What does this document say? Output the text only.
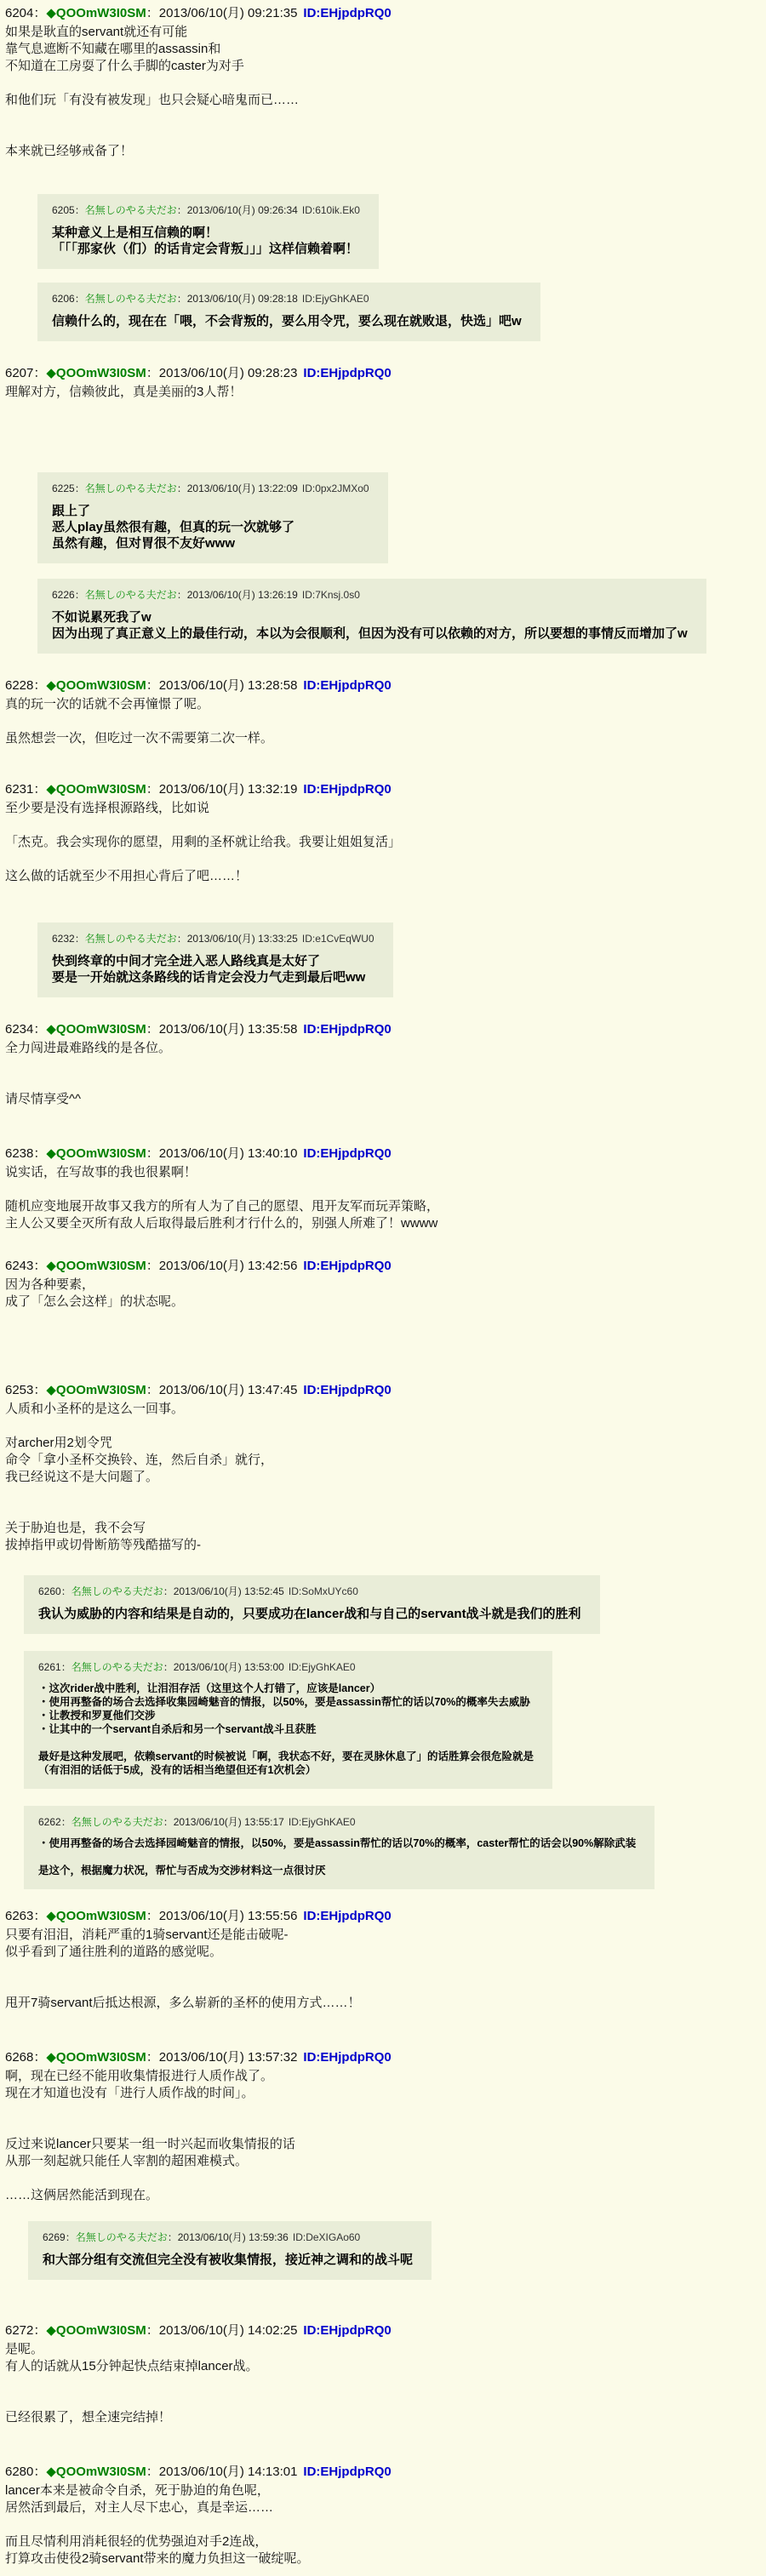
6204：◆QOOmW3I0SM：2013/06/10(月) 09:21:35 ID:EHjpdpRQ0
如果是耿直的servant就还有可能
靠气息遮断不知藏在哪里的assassin和
不知道在工房耍了什么手脚的caster为对手
和他们玩「有没有被发现」也只会疑心暗鬼而已……
本来就已经够戒备了！
6205：名無しのやる夫だお：2013/06/10(月) 09:26:34 ID:610ik.Ek0
某种意义上是相互信赖的啊！
「「「那家伙（们）的话肯定会背叛」」」这样信赖着啊！
6206：名無しのやる夫だお：2013/06/10(月) 09:28:18 ID:EjyGhKAE0
信赖什么的，现在在「喂，不会背叛的，要么用令咒，要么现在就败退，快选」吧w
6207：◆QOOmW3I0SM：2013/06/10(月) 09:28:23 ID:EHjpdpRQ0
理解对方，信赖彼此，真是美丽的3人帮！
6225：名無しのやる夫だお：2013/06/10(月) 13:22:09 ID:0px2JMXo0
跟上了
恶人play虽然很有趣，但真的玩一次就够了
虽然有趣，但对胃很不友好www
6226：名無しのやる夫だお：2013/06/10(月) 13:26:19 ID:7Knsj.0s0
不如说累死我了w
因为出现了真正意义上的最佳行动，本以为会很顺利，但因为没有可以依赖的对方，所以要想的事情反而增加了w
6228：◆QOOmW3I0SM：2013/06/10(月) 13:28:58 ID:EHjpdpRQ0
真的玩一次的话就不会再憧憬了呢。
虽然想尝一次，但吃过一次不需要第二次一样。
6231：◆QOOmW3I0SM：2013/06/10(月) 13:32:19 ID:EHjpdpRQ0
至少要是没有选择根源路线，比如说
「杰克。我会实现你的愿望，用剩的圣杯就让给我。我要让姐姐复活」
这么做的话就至少不用担心背后了吧……！
6232：名無しのやる夫だお：2013/06/10(月) 13:33:25 ID:e1CvEqWU0
快到终章的中间才完全进入恶人路线真是太好了
要是一开始就这条路线的话肯定会没力气走到最后吧ww
6234：◆QOOmW3I0SM：2013/06/10(月) 13:35:58 ID:EHjpdpRQ0
全力闯进最难路线的是各位。
请尽情享受^^
6238：◆QOOmW3I0SM：2013/06/10(月) 13:40:10 ID:EHjpdpRQ0
说实话，在写故事的我也很累啊！
随机应变地展开故事又我方的所有人为了自己的愿望、甩开友军而玩弄策略，
主人公又要全灭所有敌人后取得最后胜利才行什么的，别强人所难了！wwww
6243：◆QOOmW3I0SM：2013/06/10(月) 13:42:56 ID:EHjpdpRQ0
因为各种要素，
成了「怎么会这样」的状态呢。
6253：◆QOOmW3I0SM：2013/06/10(月) 13:47:45 ID:EHjpdpRQ0
人质和小圣杯的是这么一回事。
对archer用2划令咒
命令「拿小圣杯交换铃、连，然后自杀」就行，
我已经说这不是大问题了。
关于胁迫也是，我不会写
拔掉指甲或切骨断筋等残酷描写的-
6260：名無しのやる夫だお：2013/06/10(月) 13:52:45 ID:SoMxUYc60
我认为威胁的内容和结果是自动的，只要成功在lancer战和与自己的servant战斗就是我们的胜利
6261：名無しのやる夫だお：2013/06/10(月) 13:53:00 ID:EjyGhKAE0
・这次rider战中胜利，让泪泪存活（这里这个人打错了，应该是lancer）
・使用再整备的场合去选择收集园崎魅音的情报，以50%，要是assassin帮忙的话以70%的概率失去威胁
・让教授和罗夏他们交涉
・让其中的一个servant自杀后和另一个servant战斗且获胜
最好是这种发展吧，依赖servant的时候被说「啊，我状态不好，要在灵脉休息了」的话胜算会很危险就是
（有泪泪的话低于5成，没有的话相当绝望但还有1次机会）
6262：名無しのやる夫だお：2013/06/10(月) 13:55:17 ID:EjyGhKAE0
・使用再整备的场合去选择园崎魅音的情报，以50%，要是assassin帮忙的话以70%的概率，caster帮忙的话会以90%解除武装
是这个，根据魔力状况，帮忙与否成为交涉材料这一点很讨厌
6263：◆QOOmW3I0SM：2013/06/10(月) 13:55:56 ID:EHjpdpRQ0
只要有泪泪，消耗严重的1骑servant还是能击破呢-
似乎看到了通往胜利的道路的感觉呢。
甩开7骑servant后抵达根源，多么崭新的圣杯的使用方式……！
6268：◆QOOmW3I0SM：2013/06/10(月) 13:57:32 ID:EHjpdpRQ0
啊，现在已经不能用收集情报进行人质作战了。
现在才知道也没有「进行人质作战的时间」。
反过来说lancer只要某一组一时兴起而收集情报的话
从那一刻起就只能任人宰割的超困难模式。
……这俩居然能活到现在。
6269：名無しのやる夫だお：2013/06/10(月) 13:59:36 ID:DeXIGAo60
和大部分组有交流但完全没有被收集情报，接近神之调和的战斗呢
6272：◆QOOmW3I0SM：2013/06/10(月) 14:02:25 ID:EHjpdpRQ0
是呢。
有人的话就从15分钟起快点结束掉lancer战。
已经很累了，想全速完结掉！
6280：◆QOOmW3I0SM：2013/06/10(月) 14:13:01 ID:EHjpdpRQ0
lancer本来是被命令自杀，死于胁迫的角色呢，
居然活到最后，对主人尽下忠心，真是幸运……
而且尽情利用消耗很轻的优势强迫对手2连战，
打算攻击使役2骑servant带来的魔力负担这一破绽呢。
